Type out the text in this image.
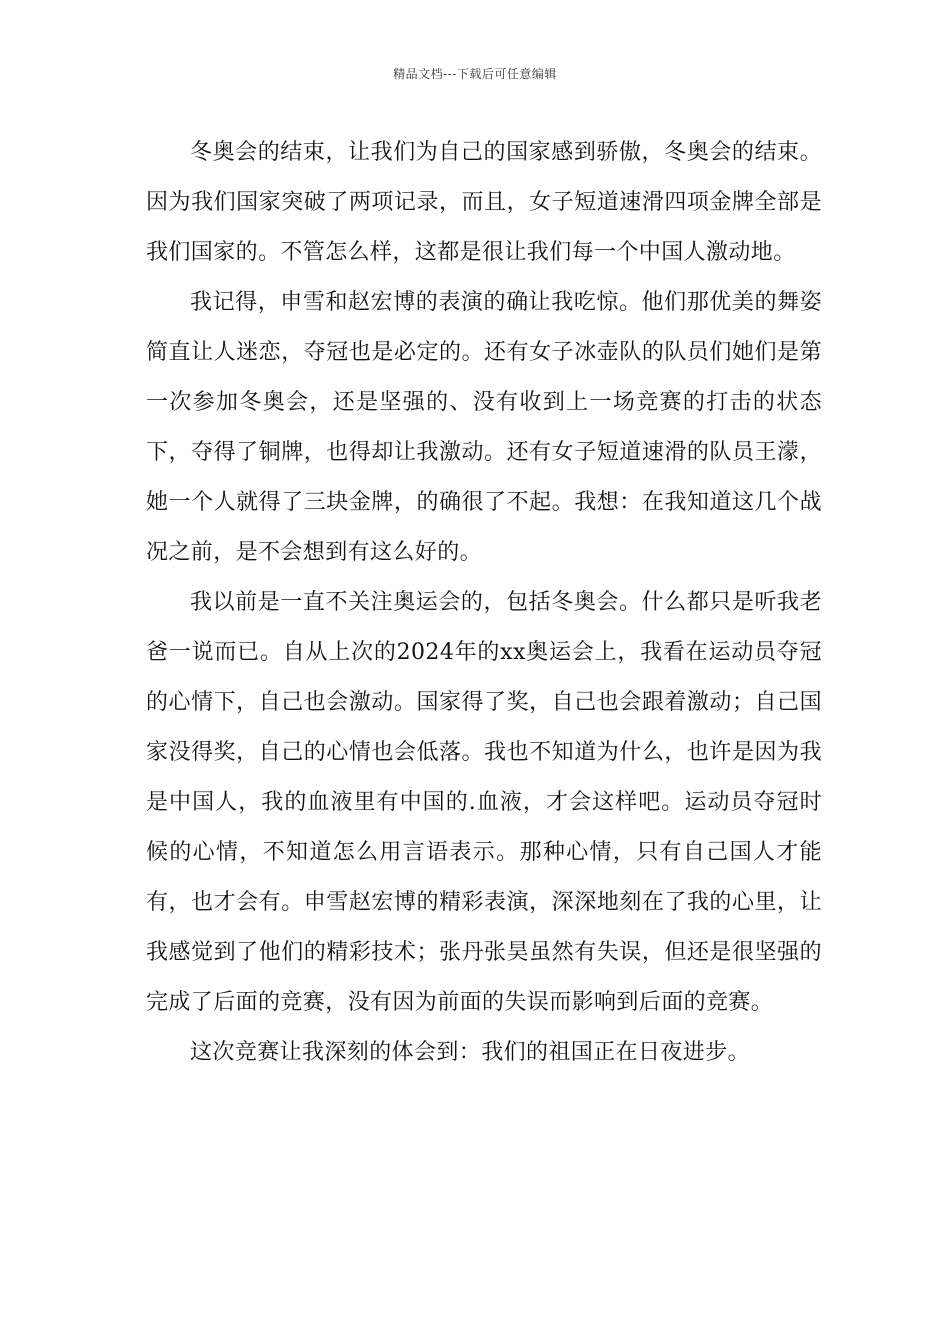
精品文档---下载后可任意编辑

冬奥会的结束，让我们为自己的国家感到骄傲，冬奥会的结束。因为我们国家突破了两项记录，而且，女子短道速滑四项金牌全部是我们国家的。不管怎么样，这都是很让我们每一个中国人激动地。

我记得，申雪和赵宏博的表演的确让我吃惊。他们那优美的舞姿简直让人迷恋，夺冠也是必定的。还有女子冰壶队的队员们她们是第一次参加冬奥会，还是坚强的、没有收到上一场竞赛的打击的状态下，夺得了铜牌，也得却让我激动。还有女子短道速滑的队员王濛，她一个人就得了三块金牌，的确很了不起。我想：在我知道这几个战况之前，是不会想到有这么好的。

我以前是一直不关注奥运会的，包括冬奥会。什么都只是听我老爸一说而已。自从上次的2024年的xx奥运会上，我看在运动员夺冠的心情下，自己也会激动。国家得了奖，自己也会跟着激动；自己国家没得奖，自己的心情也会低落。我也不知道为什么，也许是因为我是中国人，我的血液里有中国的.血液，才会这样吧。运动员夺冠时候的心情，不知道怎么用言语表示。那种心情，只有自己国人才能有，也才会有。申雪赵宏博的精彩表演，深深地刻在了我的心里，让我感觉到了他们的精彩技术；张丹张昊虽然有失误，但还是很坚强的完成了后面的竞赛，没有因为前面的失误而影响到后面的竞赛。

这次竞赛让我深刻的体会到：我们的祖国正在日夜进步。
